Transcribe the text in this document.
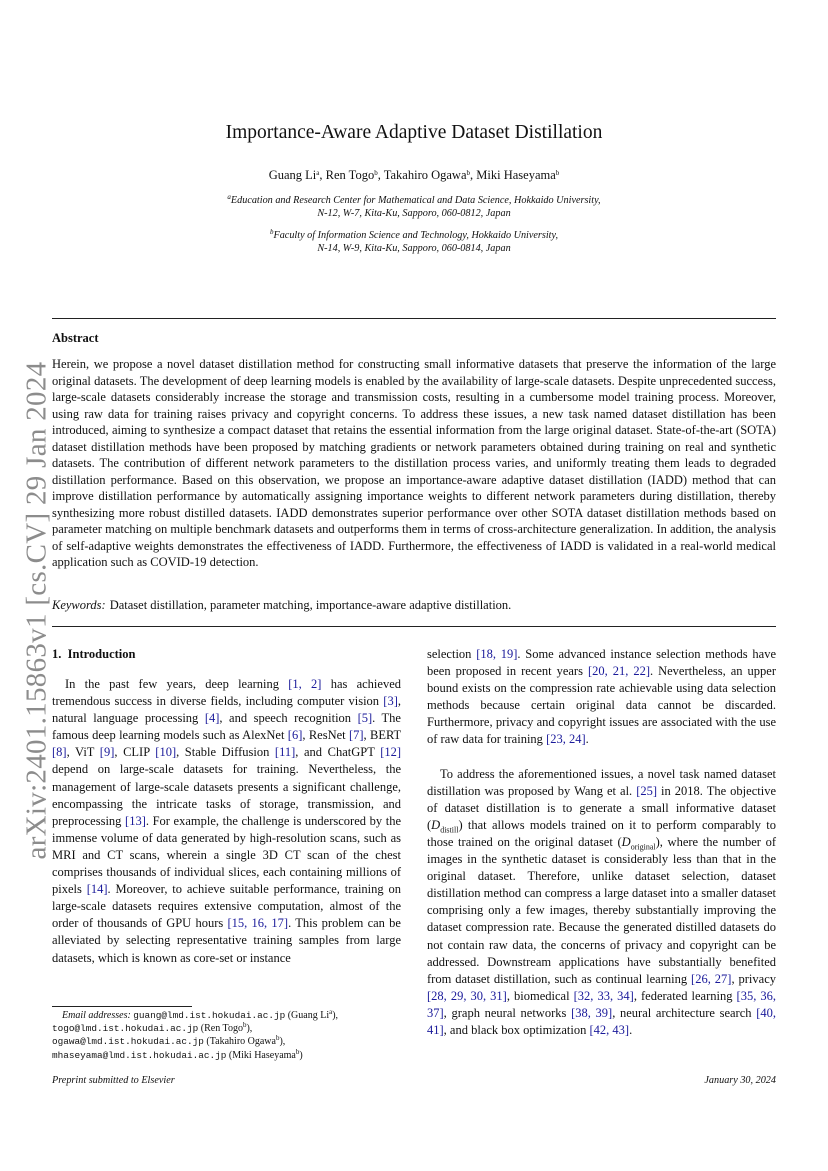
arXiv:2401.15863v1 [cs.CV] 29 Jan 2024
Importance-Aware Adaptive Dataset Distillation
Guang Li$^a$, Ren Togo$^b$, Takahiro Ogawa$^b$, Miki Haseyama$^b$
$^a$Education and Research Center for Mathematical and Data Science, Hokkaido University,
N-12, W-7, Kita-Ku, Sapporo, 060-0812, Japan
$^b$Faculty of Information Science and Technology, Hokkaido University,
N-14, W-9, Kita-Ku, Sapporo, 060-0814, Japan
Abstract
Herein, we propose a novel dataset distillation method for constructing small informative datasets that preserve the information of the large original datasets. The development of deep learning models is enabled by the availability of large-scale datasets. Despite unprecedented success, large-scale datasets considerably increase the storage and transmission costs, resulting in a cumbersome model training process. Moreover, using raw data for training raises privacy and copyright concerns. To address these issues, a new task named dataset distillation has been introduced, aiming to synthesize a compact dataset that retains the essential information from the large original dataset. State-of-the-art (SOTA) dataset distillation methods have been proposed by matching gradients or network parameters obtained during training on real and synthetic datasets. The contribution of different network parameters to the distillation process varies, and uniformly treating them leads to degraded distillation performance. Based on this observation, we propose an importance-aware adaptive dataset distillation (IADD) method that can improve distillation performance by automatically assigning importance weights to different network parameters during distillation, thereby synthesizing more robust distilled datasets. IADD demonstrates superior performance over other SOTA dataset distillation methods based on parameter matching on multiple benchmark datasets and outperforms them in terms of cross-architecture generalization. In addition, the analysis of self-adaptive weights demonstrates the effectiveness of IADD. Furthermore, the effectiveness of IADD is validated in a real-world medical application such as COVID-19 detection.
Keywords: Dataset distillation, parameter matching, importance-aware adaptive distillation.
1. Introduction

In the past few years, deep learning [1, 2] has achieved tremendous success in diverse fields, including computer vision [3], natural language processing [4], and speech recognition [5]. The famous deep learning models such as AlexNet [6], ResNet [7], BERT [8], ViT [9], CLIP [10], Stable Diffusion [11], and ChatGPT [12] depend on large-scale datasets for training. Nevertheless, the management of large-scale datasets presents a significant challenge, encompassing the intricate tasks of storage, transmission, and preprocessing [13]. For example, the challenge is underscored by the immense volume of data generated by high-resolution scans, such as MRI and CT scans, wherein a single 3D CT scan of the chest comprises thousands of individual slices, each containing millions of pixels [14]. Moreover, to achieve suitable performance, training on large-scale datasets requires extensive computation, almost of the order of thousands of GPU hours [15, 16, 17]. This problem can be alleviated by selecting representative training samples from large datasets, which is known as core-set or instance

selection [18, 19]. Some advanced instance selection methods have been proposed in recent years [20, 21, 22]. Nevertheless, an upper bound exists on the compression rate achievable using data selection methods because certain original data cannot be discarded. Furthermore, privacy and copyright issues are associated with the use of raw data for training [23, 24].

To address the aforementioned issues, a novel task named dataset distillation was proposed by Wang et al. [25] in 2018. The objective of dataset distillation is to generate a small informative dataset $(D_{distill})$ that allows models trained on it to perform comparably to those trained on the original dataset $(D_{original})$, where the number of images in the synthetic dataset is considerably less than that in the original dataset. Therefore, unlike dataset selection, dataset distillation method can compress a large dataset into a smaller dataset comprising only a few images, thereby substantially improving the dataset compression rate. Because the generated distilled datasets do not contain raw data, the concerns of privacy and copyright can be addressed. Downstream applications have substantially benefited from dataset distillation, such as continual learning [26, 27], privacy [28, 29, 30, 31], biomedical [32, 33, 34], federated learning [35, 36, 37], graph neural networks [38, 39], neural architecture search [40, 41], and black box optimization [42, 43].

Email addresses: guang@lmd.ist.hokudai.ac.jp (Guang Li$^a$),
togo@lmd.ist.hokudai.ac.jp (Ren Togo$^b$),
ogawa@lmd.ist.hokudai.ac.jp (Takahiro Ogawa$^b$),
mhaseyama@lmd.ist.hokudai.ac.jp (Miki Haseyama$^b$)
Preprint submitted to Elsevier	January 30, 2024
